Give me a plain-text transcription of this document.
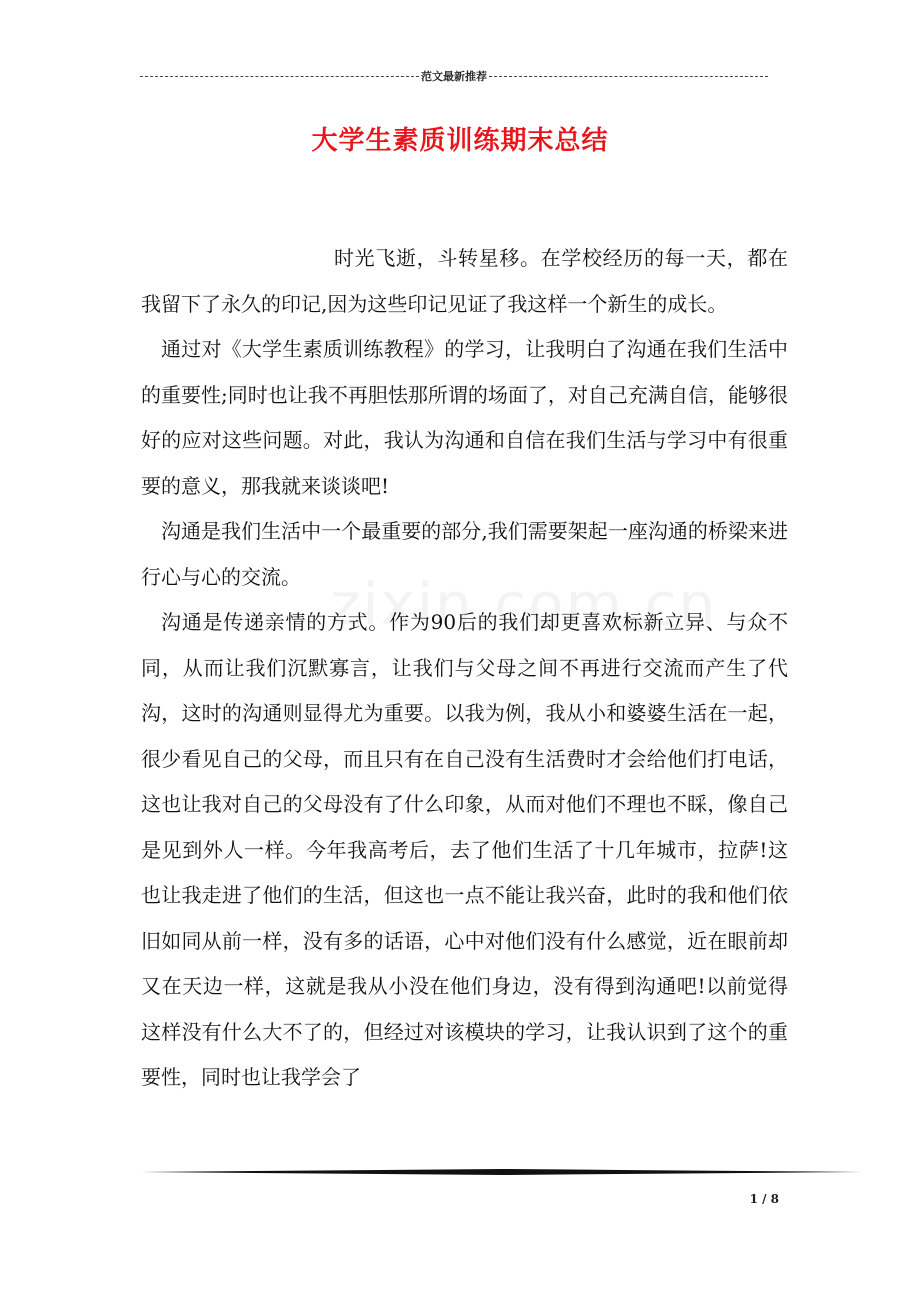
范文最新推荐
大学生素质训练期末总结

时光飞逝，斗转星移。在学校经历的每一天，都在我留下了永久的印记,因为这些印记见证了我这样一个新生的成长。

通过对《大学生素质训练教程》的学习，让我明白了沟通在我们生活中的重要性;同时也让我不再胆怯那所谓的场面了，对自己充满自信，能够很好的应对这些问题。对此，我认为沟通和自信在我们生活与学习中有很重要的意义，那我就来谈谈吧!

沟通是我们生活中一个最重要的部分,我们需要架起一座沟通的桥梁来进行心与心的交流。

沟通是传递亲情的方式。作为90后的我们却更喜欢标新立异、与众不同，从而让我们沉默寡言，让我们与父母之间不再进行交流而产生了代沟，这时的沟通则显得尤为重要。以我为例，我从小和婆婆生活在一起，很少看见自己的父母，而且只有在自己没有生活费时才会给他们打电话，这也让我对自己的父母没有了什么印象，从而对他们不理也不睬，像自己是见到外人一样。今年我高考后，去了他们生活了十几年城市，拉萨!这也让我走进了他们的生活，但这也一点不能让我兴奋，此时的我和他们依旧如同从前一样，没有多的话语，心中对他们没有什么感觉，近在眼前却又在天边一样，这就是我从小没在他们身边，没有得到沟通吧!以前觉得这样没有什么大不了的，但经过对该模块的学习，让我认识到了这个的重要性，同时也让我学会了

1 / 8
